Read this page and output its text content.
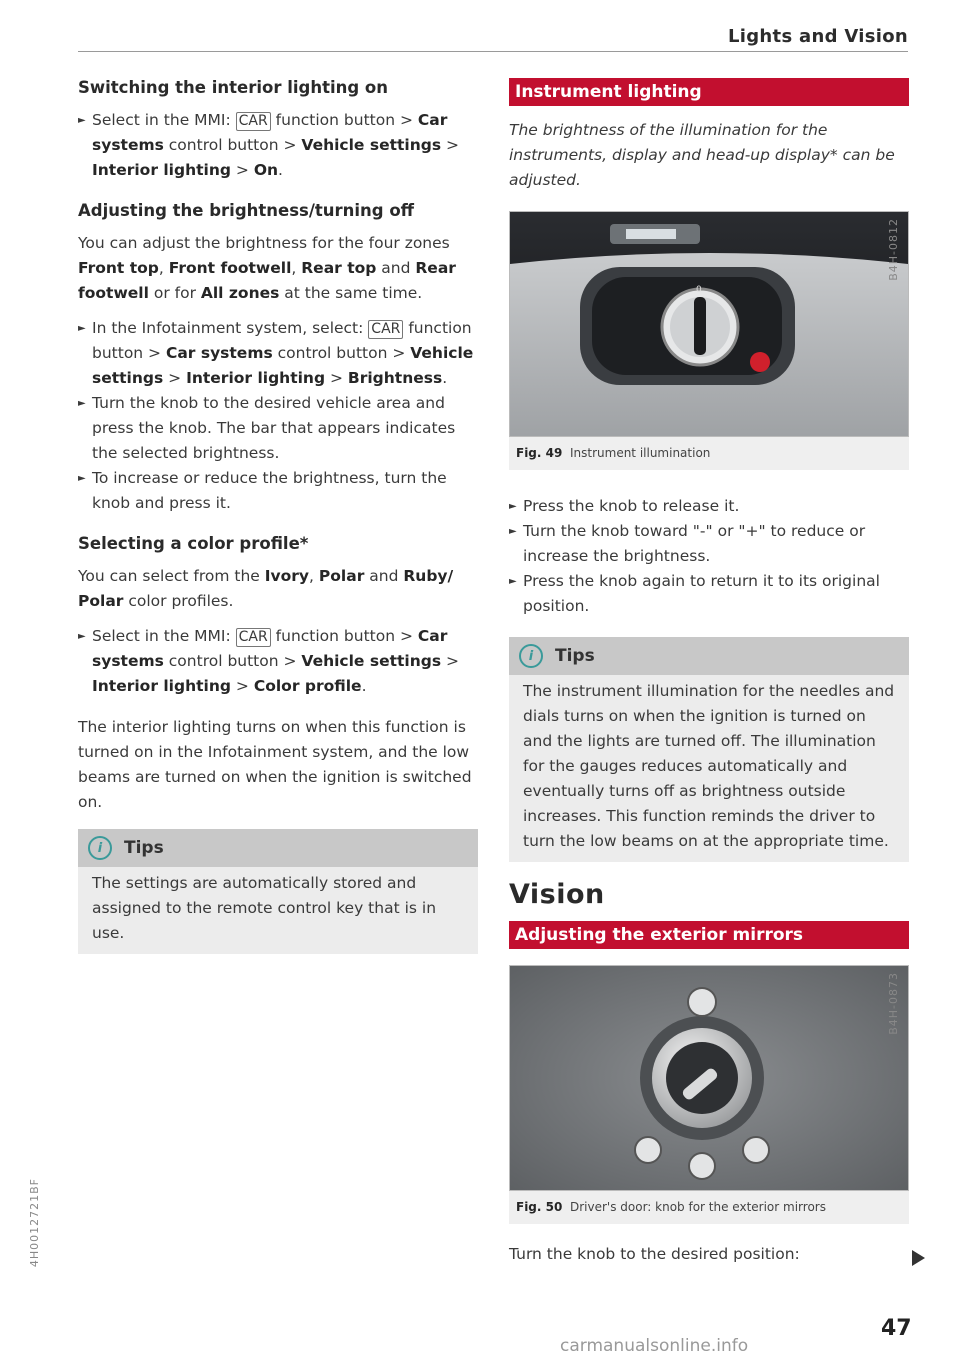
Lights and Vision
Switching the interior lighting on

► Select in the MMI: CAR function button > Car systems control button > Vehicle settings > Interior lighting > On.

Adjusting the brightness/turning off

You can adjust the brightness for the four zones Front top, Front footwell, Rear top and Rear footwell or for All zones at the same time.

► In the Infotainment system, select: CAR function button > Car systems control button > Vehicle settings > Interior lighting > Brightness.

► Turn the knob to the desired vehicle area and press the knob. The bar that appears indicates the selected brightness.

► To increase or reduce the brightness, turn the knob and press it.

Selecting a color profile*

You can select from the Ivory, Polar and Ruby/ Polar color profiles.

► Select in the MMI: CAR function button > Car systems control button > Vehicle settings > Interior lighting > Color profile.

The interior lighting turns on when this function is turned on in the Infotainment system, and the low beams are turned on when the ignition is switched on.

i	Tips
The settings are automatically stored and assigned to the remote control key that is in use.
Instrument lighting

The brightness of the illumination for the instruments, display and head-up display* can be adjusted.

0
B4H-0812
Fig. 49 Instrument illumination

► Press the knob to release it.

► Turn the knob toward "-" or "+" to reduce or increase the brightness.

► Press the knob again to return it to its original position.

i	Tips
The instrument illumination for the needles and dials turns on when the ignition is turned on and the lights are turned off. The illumination for the gauges reduces automatically and eventually turns off as brightness outside increases. This function reminds the driver to turn the low beams on at the appropriate time.
Vision
Adjusting the exterior mirrors
B4H-0873
Fig. 50 Driver's door: knob for the exterior mirrors

Turn the knob to the desired position:

47
4H0012721BF
carmanualsonline.info
